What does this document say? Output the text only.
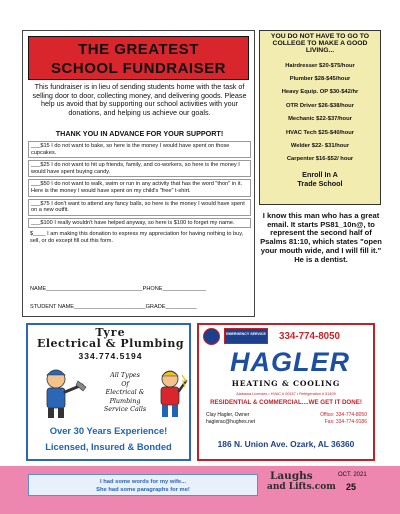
THE GREATEST
SCHOOL FUNDRAISER
This fundraiser is in lieu of sending students home with the task of selling door to door, collecting money, and delivering goods. Please help us avoid that by supporting our school activities with your donations, and helping us achieve our goals.
THANK YOU IN ADVANCE FOR YOUR SUPPORT!
___$15 I do not want to bake, so here is the money I would have spent on those cupcakes.
___$25 I do not want to hit up friends, family, and co-workers, so here is the money I would have spent buying candy.
___$50 I do not want to walk, swim or run in any activity that has the word "thon" in it. Here is the money I would have spent on my child's "free" t-shirt.
___$75 I don't want to attend any fancy balls, so here is the money I would have spent on a new outfit.
___$100 I really wouldn't have helped anyway, so here is $100 to forget my name.
$____ I am making this donation to express my appreciation for having nothing to buy, sell, or do except fill out this form.
NAME_______________________________PHONE______________
STUDENT NAME_______________________GRADE__________
YOU DO NOT HAVE TO GO TO COLLEGE TO MAKE A GOOD LIVING...
Hairdresser $20-$75/hour
Plumber $28-$45/hour
Heavy Equip. OP $30-$42/hr
OTR Driver $26-$38/hour
Mechanic $22-$37/hour
HVAC Tech $25-$40/hour
Welder $22- $31/hour
Carpenter $16-$52/ hour
Enroll In A
Trade School
I know this man who has a great email. It starts PS81_10n@, to represent the second half of Psalms 81:10, which states "open your mouth wide, and I will fill it." He is a dentist.
Tyre
Electrical & Plumbing
334.774.5194
All Types
Of
Electrical & Plumbing
Service Calls
Over 30 Years Experience!
Licensed, Insured & Bonded
EMERGENCY SERVICE 334-774-8050
HAGLER
HEATING & COOLING
Alabama Licenses • HVAC # 00157 • Refrigeration # 51409
RESIDENTIAL & COMMERCIAL....WE GET IT DONE!
Clay Hagler, Owner
haglerac@hughes.net
Office: 334-774-8050
Fax: 334-774-9186
186 N. Union Ave. Ozark, AL 36360
I had some words for my wife...
She had some paragraphs for me!
Laughs
and Lifts.com
OCT. 2021
25
